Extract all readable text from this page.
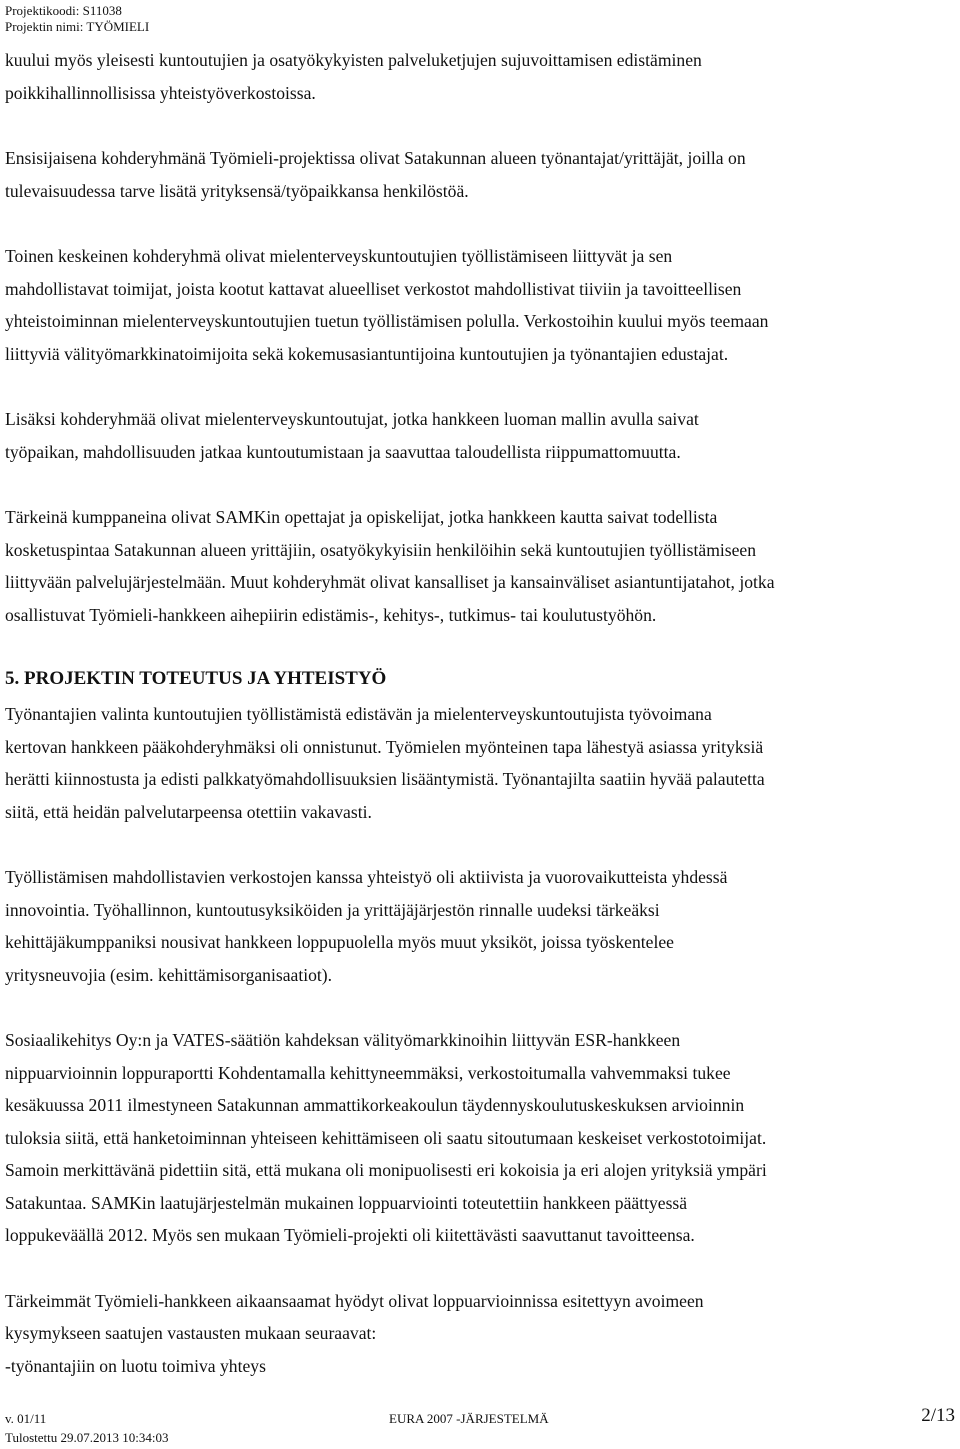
Projektikoodi: S11038
Projektin nimi: TYÖMIELI

kuului myös yleisesti kuntoutujien ja osatyökykyisten palveluketjujen sujuvoittamisen edistäminen
poikkihallinnollisissa yhteistyöverkostoissa.

Ensisijaisena kohderyhmänä Työmieli-projektissa olivat Satakunnan alueen työnantajat/yrittäjät, joilla on
tulevaisuudessa tarve lisätä yrityksensä/työpaikkansa henkilöstöä.

Toinen keskeinen kohderyhmä olivat mielenterveyskuntoutujien työllistämiseen liittyvät ja sen
mahdollistavat toimijat, joista kootut kattavat alueelliset verkostot mahdollistivat tiiviin ja tavoitteellisen
yhteistoiminnan mielenterveyskuntoutujien tuetun työllistämisen polulla. Verkostoihin kuului myös teemaan
liittyviä välityömarkkinatoimijoita sekä kokemusasiantuntijoina kuntoutujien ja työnantajien edustajat.

Lisäksi kohderyhmää olivat mielenterveyskuntoutujat, jotka hankkeen luoman mallin avulla saivat
työpaikan, mahdollisuuden jatkaa kuntoutumistaan ja saavuttaa taloudellista riippumattomuutta.

Tärkeinä kumppaneina olivat SAMKin opettajat ja opiskelijat, jotka hankkeen kautta saivat todellista
kosketuspintaa Satakunnan alueen yrittäjiin, osatyökykyisiin henkilöihin sekä kuntoutujien työllistämiseen
liittyvään palvelujärjestelmään. Muut kohderyhmät olivat kansalliset ja kansainväliset asiantuntijatahot, jotka
osallistuvat Työmieli-hankkeen aihepiirin edistämis-, kehitys-, tutkimus- tai koulutustyöhön.

5. PROJEKTIN TOTEUTUS JA YHTEISTYÖ

Työnantajien valinta kuntoutujien työllistämistä edistävän ja mielenterveyskuntoutujista työvoimana
kertovan hankkeen pääkohderyhmäksi oli onnistunut. Työmielen myönteinen tapa lähestyä asiassa yrityksiä
herätti kiinnostusta ja edisti palkkatyömahdollisuuksien lisääntymistä. Työnantajilta saatiin hyvää palautetta
siitä, että heidän palvelutarpeensa otettiin vakavasti.

Työllistämisen mahdollistavien verkostojen kanssa yhteistyö oli aktiivista ja vuorovaikutteista yhdessä
innovointia. Työhallinnon, kuntoutusyksiköiden ja yrittäjäjärjestön rinnalle uudeksi tärkeäksi
kehittäjäkumppaniksi nousivat hankkeen loppupuolella myös muut yksiköt, joissa työskentelee
yritysneuvojia (esim. kehittämisorganisaatiot).

Sosiaalikehitys Oy:n ja VATES-säätiön kahdeksan välityömarkkinoihin liittyvän ESR-hankkeen
nippuarvioinnin loppuraportti Kohdentamalla kehittyneemmäksi, verkostoitumalla vahvemmaksi tukee
kesäkuussa 2011 ilmestyneen Satakunnan ammattikorkeakoulun täydennyskoulutuskeskuksen arvioinnin
tuloksia siitä, että hanketoiminnan yhteiseen kehittämiseen oli saatu sitoutumaan keskeiset verkostotoimijat.
Samoin merkittävänä pidettiin sitä, että mukana oli monipuolisesti eri kokoisia ja eri alojen yrityksiä ympäri
Satakuntaa. SAMKin laatujärjestelmän mukainen loppuarviointi toteutettiin hankkeen päättyessä
loppukeväällä 2012. Myös sen mukaan Työmieli-projekti oli kiitettävästi saavuttanut tavoitteensa.

Tärkeimmät Työmieli-hankkeen aikaansaamat hyödyt olivat loppuarvioinnissa esitettyyn avoimeen
kysymykseen saatujen vastausten mukaan seuraavat:
-työnantajiin on luotu toimiva yhteys

v. 01/11	EURA 2007 -JÄRJESTELMÄ	2/13
Tulostettu 29.07.2013 10:34:03
